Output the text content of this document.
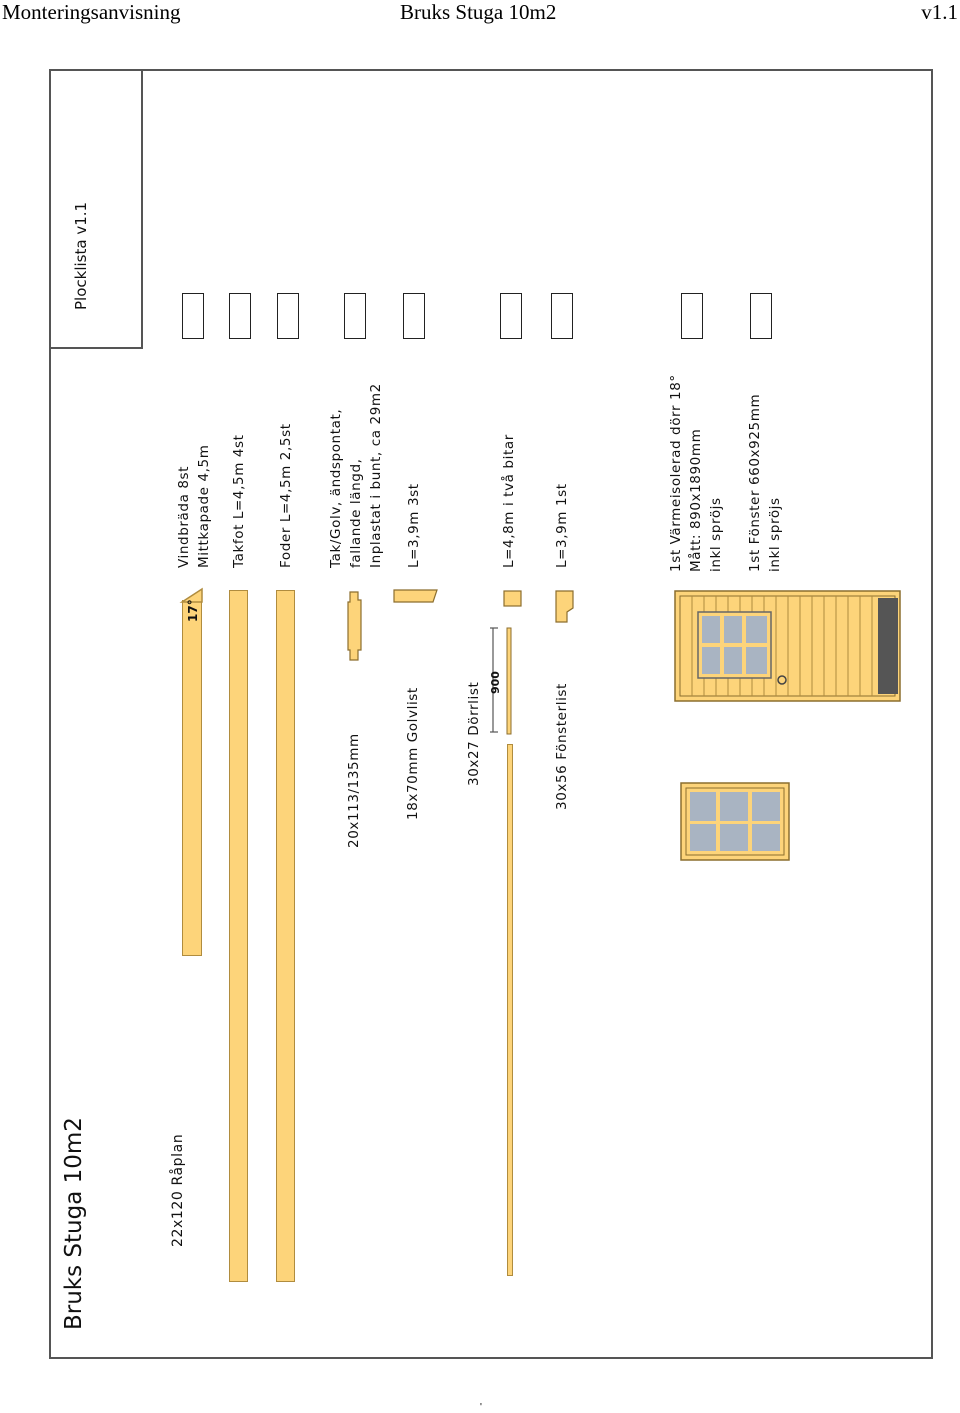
Monteringsanvisning	Bruks Stuga 10m2	v1.1
Plocklista v1.1
Bruks Stuga 10m2	22x120 Råplan
Vindbräda 8st
Mittkapade 4,5m Takfot L=4,5m 4st Foder L=4,5m 2,5st	Tak/Golv, ändspontat,
fallande längd,
Inplastat i bunt, ca 29m2
L=3,9m 3st	L=4,8m i två bitar	L=3,9m 1st	1st Värmeisolerad dörr 18°
Mått: 890x1890mm
inkl spröjs
1st Fönster 660x925mm
inkl spröjs
20x113/135mm	18x70mm Golvlist	30x27 Dörrlist	30x56 Fönsterlist
17°
900
'
